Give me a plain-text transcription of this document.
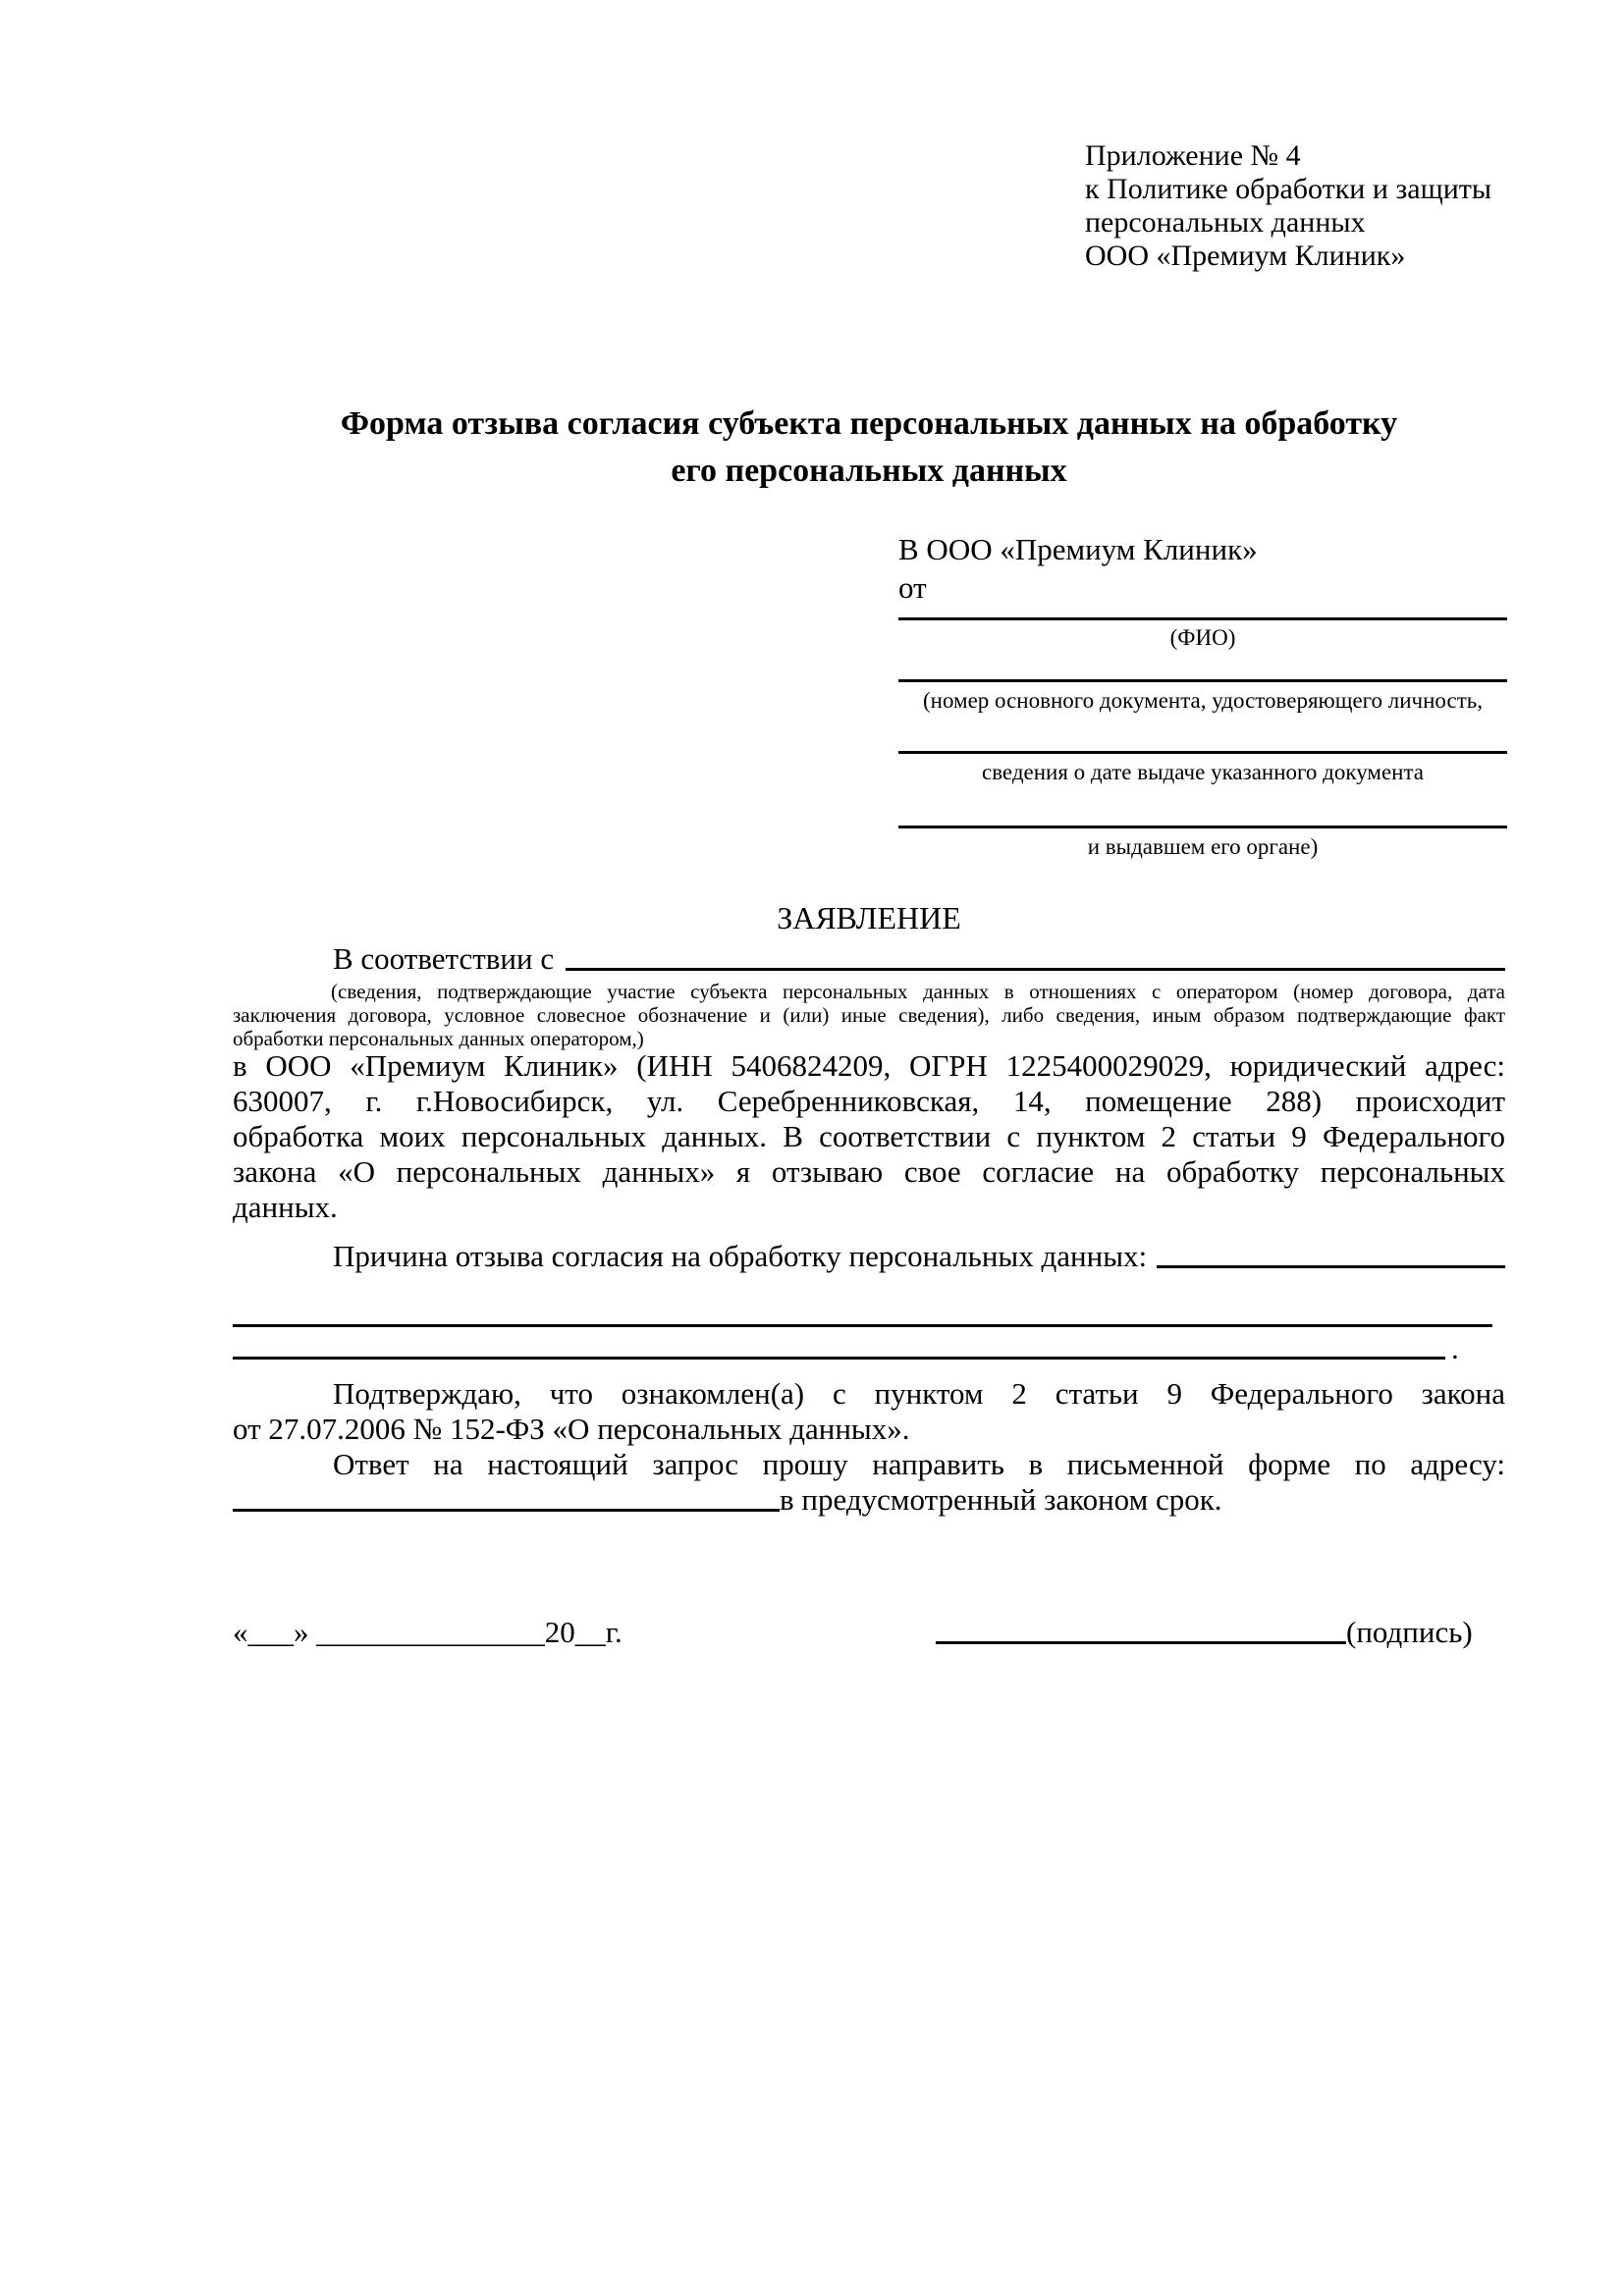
Приложение № 4
к Политике обработки и защиты
персональных данных
ООО «Премиум Клиник»
Форма отзыва согласия субъекта персональных данных на обработку
его персональных данных
В ООО «Премиум Клиник»
от
(ФИО)
(номер основного документа, удостоверяющего личность,
сведения о дате выдаче указанного документа
и выдавшем его органе)
ЗАЯВЛЕНИЕ
В соответствии с
(сведения, подтверждающие участие субъекта персональных данных в отношениях с оператором (номер договора, дата
заключения договора, условное словесное обозначение и (или) иные сведения), либо сведения, иным образом подтверждающие факт
обработки персональных данных оператором,)
в ООО «Премиум Клиник» (ИНН 5406824209, ОГРН 1225400029029, юридический адрес:
630007, г. г.Новосибирск, ул. Серебренниковская, 14, помещение 288) происходит
обработка моих персональных данных. В соответствии с пунктом 2 статьи 9 Федерального
закона «О персональных данных» я отзываю свое согласие на обработку персональных
данных.
Причина отзыва согласия на обработку персональных данных:
.
Подтверждаю, что ознакомлен(а) с пунктом 2 статьи 9 Федерального закона
от 27.07.2006 № 152-ФЗ «О персональных данных».
Ответ на настоящий запрос прошу направить в письменной форме по адресу:
в предусмотренный законом срок.
«___» _______________20__г.	(подпись)
